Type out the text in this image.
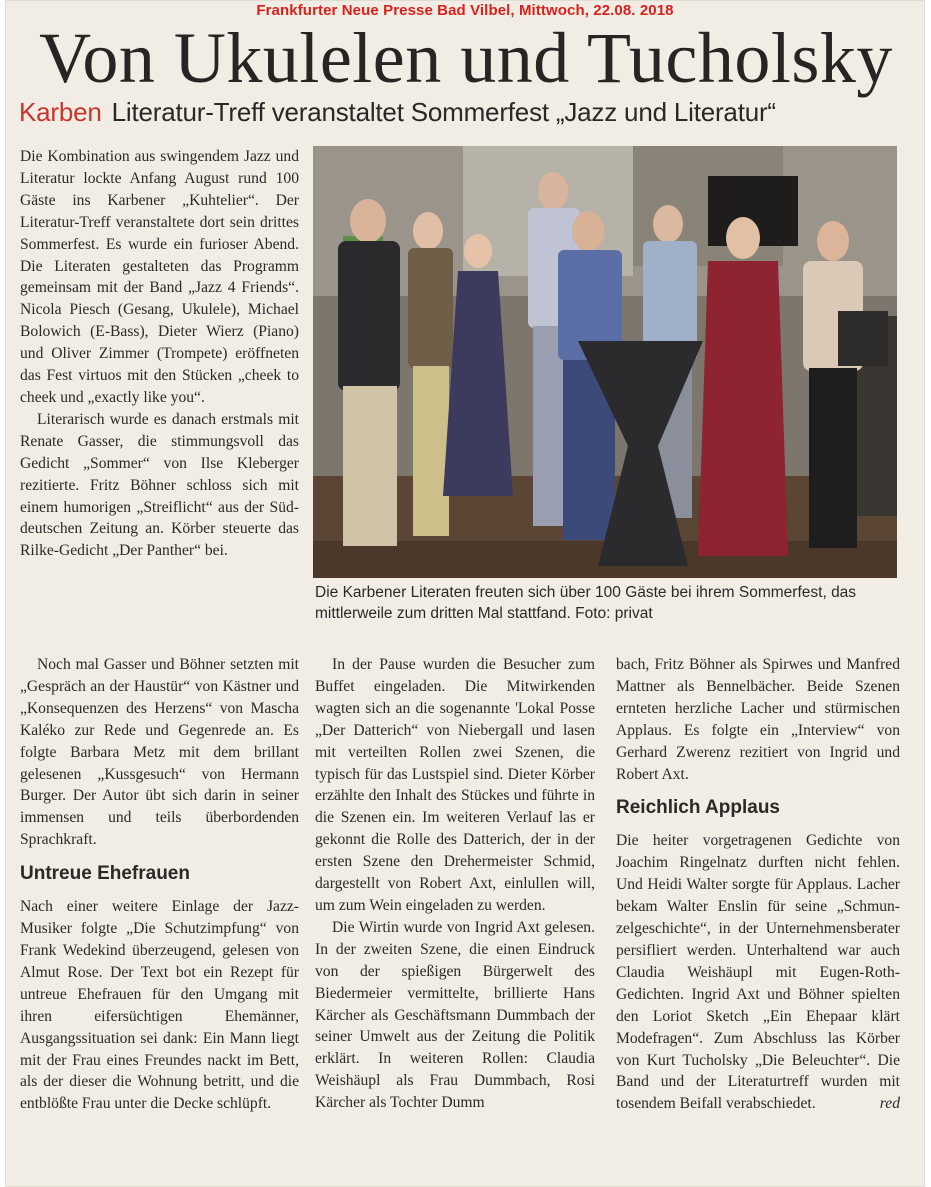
Frankfurter Neue Presse Bad Vilbel, Mittwoch, 22.08. 2018
Von Ukulelen und Tucholsky
Karben Literatur-Treff veranstaltet Sommerfest „Jazz und Literatur“

Die Kombination aus swingendem Jazz und Literatur lockte Anfang August rund 100 Gäste ins Karbener „Kuhtelier“. Der Literatur-Treff veranstaltete dort sein drittes Sommerfest. Es wurde ein furioser Abend. Die Literaten gestalteten das Programm gemeinsam mit der Band „Jazz 4 Friends“. Nicola Piesch (Gesang, Ukulele), Michael Bolowich (E-Bass), Dieter Wierz (Piano) und Oliver Zimmer (Trompete) eröffneten das Fest virtuos mit den Stücken „cheek to cheek und „exactly like you“.

Literarisch wurde es danach erstmals mit Renate Gasser, die stimmungsvoll das Gedicht „Sommer“ von Ilse Kleberger rezitierte. Fritz Böhner schloss sich mit einem humorigen „Streiflicht“ aus der Süddeutschen Zeitung an. Körber steuerte das Rilke-Gedicht „Der Panther“ bei.

Die Karbener Literaten freuten sich über 100 Gäste bei ihrem Sommerfest, das mittlerweile zum dritten Mal stattfand. Foto: privat

Noch mal Gasser und Böhner setzten mit „Gespräch an der Haustür“ von Kästner und „Konsequenzen des Herzens“ von Mascha Kaléko zur Rede und Gegenrede an. Es folgte Barbara Metz mit dem brillant gelesenen „Kussgesuch“ von Hermann Burger. Der Autor übt sich darin in seiner immensen und teils überbordenden Sprachkraft.

Untreue Ehefrauen

Nach einer weitere Einlage der Jazz-Musiker folgte „Die Schutzimpfung“ von Frank Wedekind überzeugend, gelesen von Almut Rose. Der Text bot ein Rezept für untreue Ehefrauen für den Umgang mit ihren eifersüchtigen Ehemänner, Ausgangssituation sei dank: Ein Mann liegt mit der Frau eines Freundes nackt im Bett, als der dieser die Wohnung betritt, und die entblößte Frau unter die Decke schlüpft.

In der Pause wurden die Besucher zum Buffet eingeladen. Die Mitwirkenden wagten sich an die sogenannte 'Lokal Posse „Der Datterich“ von Niebergall und lasen mit verteilten Rollen zwei Szenen, die typisch für das Lustspiel sind. Dieter Körber erzählte den Inhalt des Stückes und führte in die Szenen ein. Im weiteren Verlauf las er gekonnt die Rolle des Datterich, der in der ersten Szene den Drehermeister Schmid, dargestellt von Robert Axt, einlullen will, um zum Wein eingeladen zu werden.

Die Wirtin wurde von Ingrid Axt gelesen. In der zweiten Szene, die einen Eindruck von der spießigen Bürgerwelt des Biedermeier vermittelte, brillierte Hans Kärcher als Geschäftsmann Dummbach der seiner Umwelt aus der Zeitung die Politik erklärt. In weiteren Rollen: Claudia Weishäupl als Frau Dummbach, Rosi Kärcher als Tochter Dumm

bach, Fritz Böhner als Spirwes und Manfred Mattner als Bennelbächer. Beide Szenen ernteten herzliche Lacher und stürmischen Applaus. Es folgte ein „Interview“ von Gerhard Zwerenz rezitiert von Ingrid und Robert Axt.

Reichlich Applaus

Die heiter vorgetragenen Gedichte von Joachim Ringelnatz durften nicht fehlen. Und Heidi Walter sorgte für Applaus. Lacher bekam Walter Enslin für seine „Schmunzelgeschichte“, in der Unternehmensberater persifliert werden. Unterhaltend war auch Claudia Weishäupl mit Eugen-Roth-Gedichten. Ingrid Axt und Böhner spielten den Loriot Sketch „Ein Ehepaar klärt Modefragen“. Zum Abschluss las Körber von Kurt Tucholsky „Die Beleuchter“. Die Band und der Literaturtreff wurden mit tosendem Beifall verabschiedet.	red
